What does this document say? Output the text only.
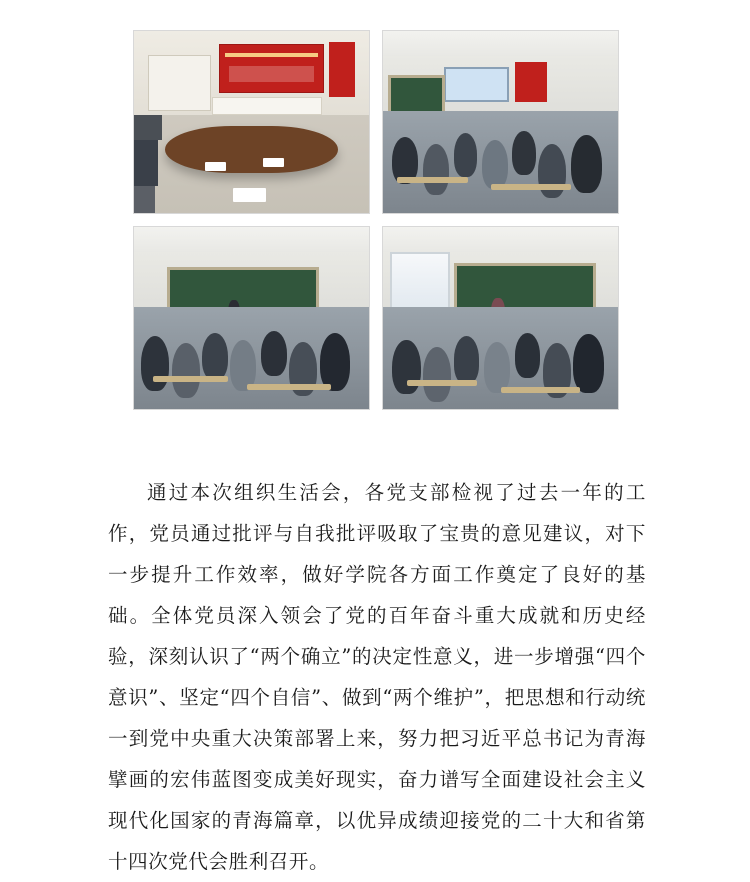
通过本次组织生活会，各党支部检视了过去一年的工作，党员通过批评与自我批评吸取了宝贵的意见建议，对下一步提升工作效率，做好学院各方面工作奠定了良好的基础。全体党员深入领会了党的百年奋斗重大成就和历史经验，深刻认识了“两个确立”的决定性意义，进一步增强“四个意识”、坚定“四个自信”、做到“两个维护”，把思想和行动统一到党中央重大决策部署上来，努力把习近平总书记为青海擘画的宏伟蓝图变成美好现实，奋力谱写全面建设社会主义现代化国家的青海篇章，以优异成绩迎接党的二十大和省第十四次党代会胜利召开。
